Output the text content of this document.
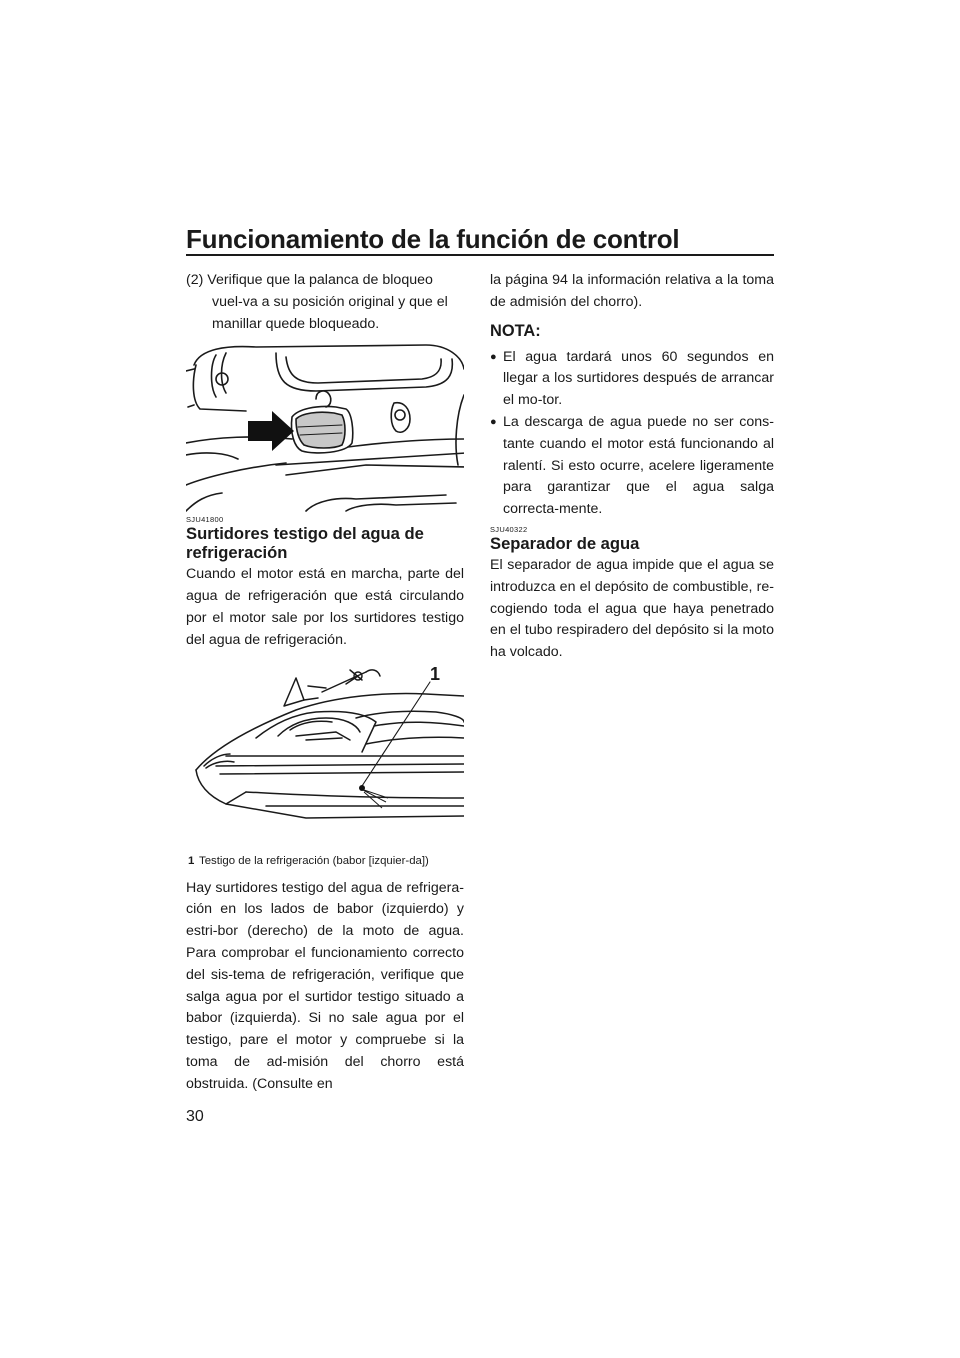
Funcionamiento de la función de control

(2) Verifique que la palanca de bloqueo vuel-va a su posición original y que el manillar quede bloqueado.

SJU41800

Surtidores testigo del agua de refrigeración

Cuando el motor está en marcha, parte del agua de refrigeración que está circulando por el motor sale por los surtidores testigo del agua de refrigeración.

1
1 Testigo de la refrigeración (babor [izquier-da])

Hay surtidores testigo del agua de refrigera-ción en los lados de babor (izquierdo) y estri-bor (derecho) de la moto de agua. Para comprobar el funcionamiento correcto del sis-tema de refrigeración, verifique que salga agua por el surtidor testigo situado a babor (izquierda). Si no sale agua por el testigo, pare el motor y compruebe si la toma de ad-misión del chorro está obstruida. (Consulte en

la página 94 la información relativa a la toma de admisión del chorro).

NOTA:
● El agua tardará unos 60 segundos en llegar a los surtidores después de arrancar el mo-tor.
● La descarga de agua puede no ser cons-tante cuando el motor está funcionando al ralentí. Si esto ocurre, acelere ligeramente para garantizar que el agua salga correcta-mente.

SJU40322

Separador de agua

El separador de agua impide que el agua se introduzca en el depósito de combustible, re-cogiendo toda el agua que haya penetrado en el tubo respiradero del depósito si la moto ha volcado.

30
